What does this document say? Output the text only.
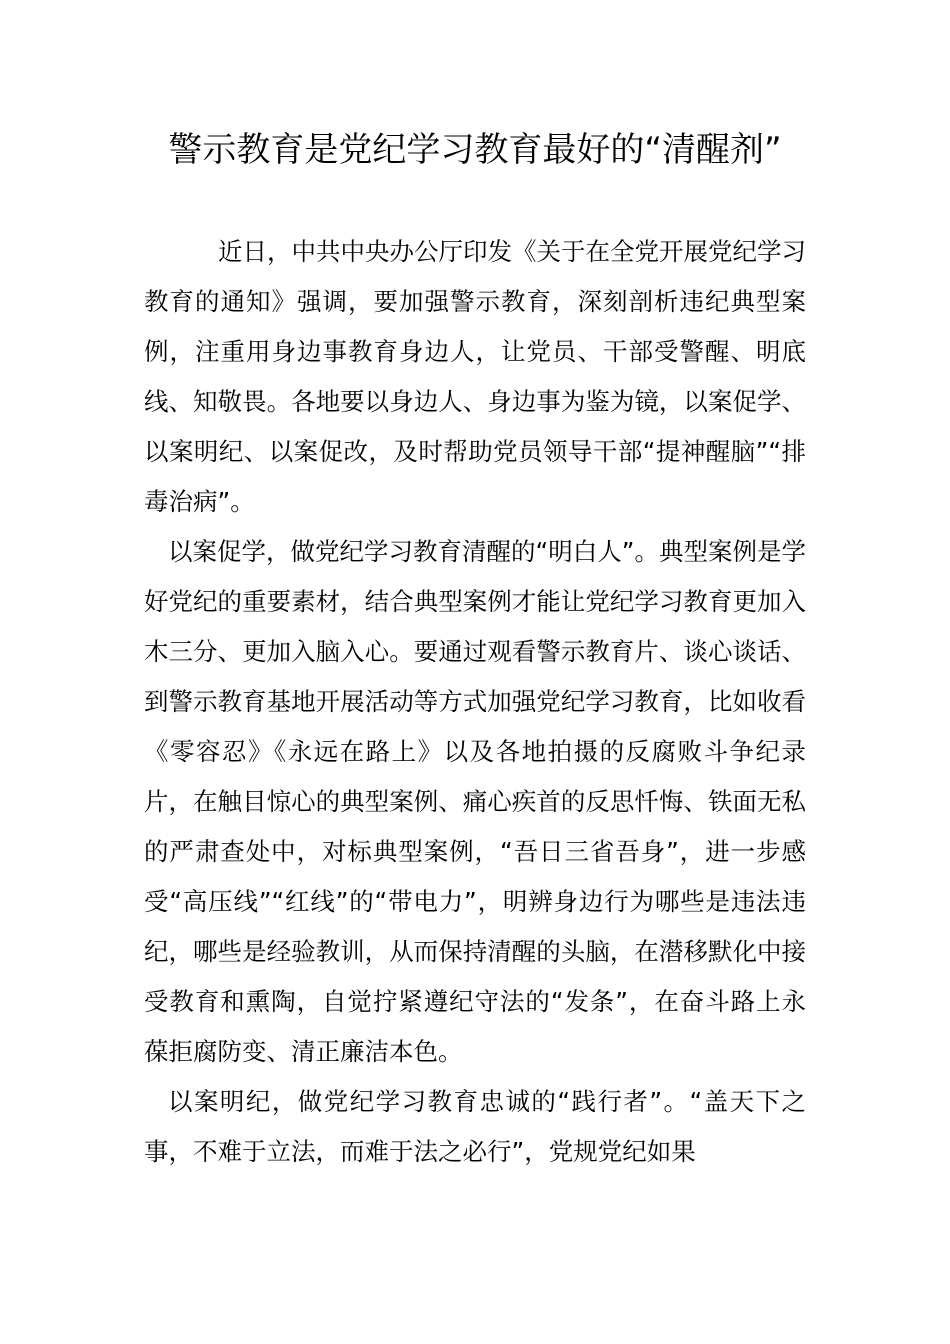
警示教育是党纪学习教育最好的“清醒剂”

近日，中共中央办公厅印发《关于在全党开展党纪学习教育的通知》强调，要加强警示教育，深刻剖析违纪典型案例，注重用身边事教育身边人，让党员、干部受警醒、明底线、知敬畏。各地要以身边人、身边事为鉴为镜，以案促学、以案明纪、以案促改，及时帮助党员领导干部“提神醒脑”“排毒治病”。

以案促学，做党纪学习教育清醒的“明白人”。典型案例是学好党纪的重要素材，结合典型案例才能让党纪学习教育更加入木三分、更加入脑入心。要通过观看警示教育片、谈心谈话、到警示教育基地开展活动等方式加强党纪学习教育，比如收看《零容忍》《永远在路上》以及各地拍摄的反腐败斗争纪录片，在触目惊心的典型案例、痛心疾首的反思忏悔、铁面无私的严肃查处中，对标典型案例，“吾日三省吾身”，进一步感受“高压线”“红线”的“带电力”，明辨身边行为哪些是违法违纪，哪些是经验教训，从而保持清醒的头脑，在潜移默化中接受教育和熏陶，自觉拧紧遵纪守法的“发条”，在奋斗路上永葆拒腐防变、清正廉洁本色。

以案明纪，做党纪学习教育忠诚的“践行者”。“盖天下之事，不难于立法，而难于法之必行”，党规党纪如果
